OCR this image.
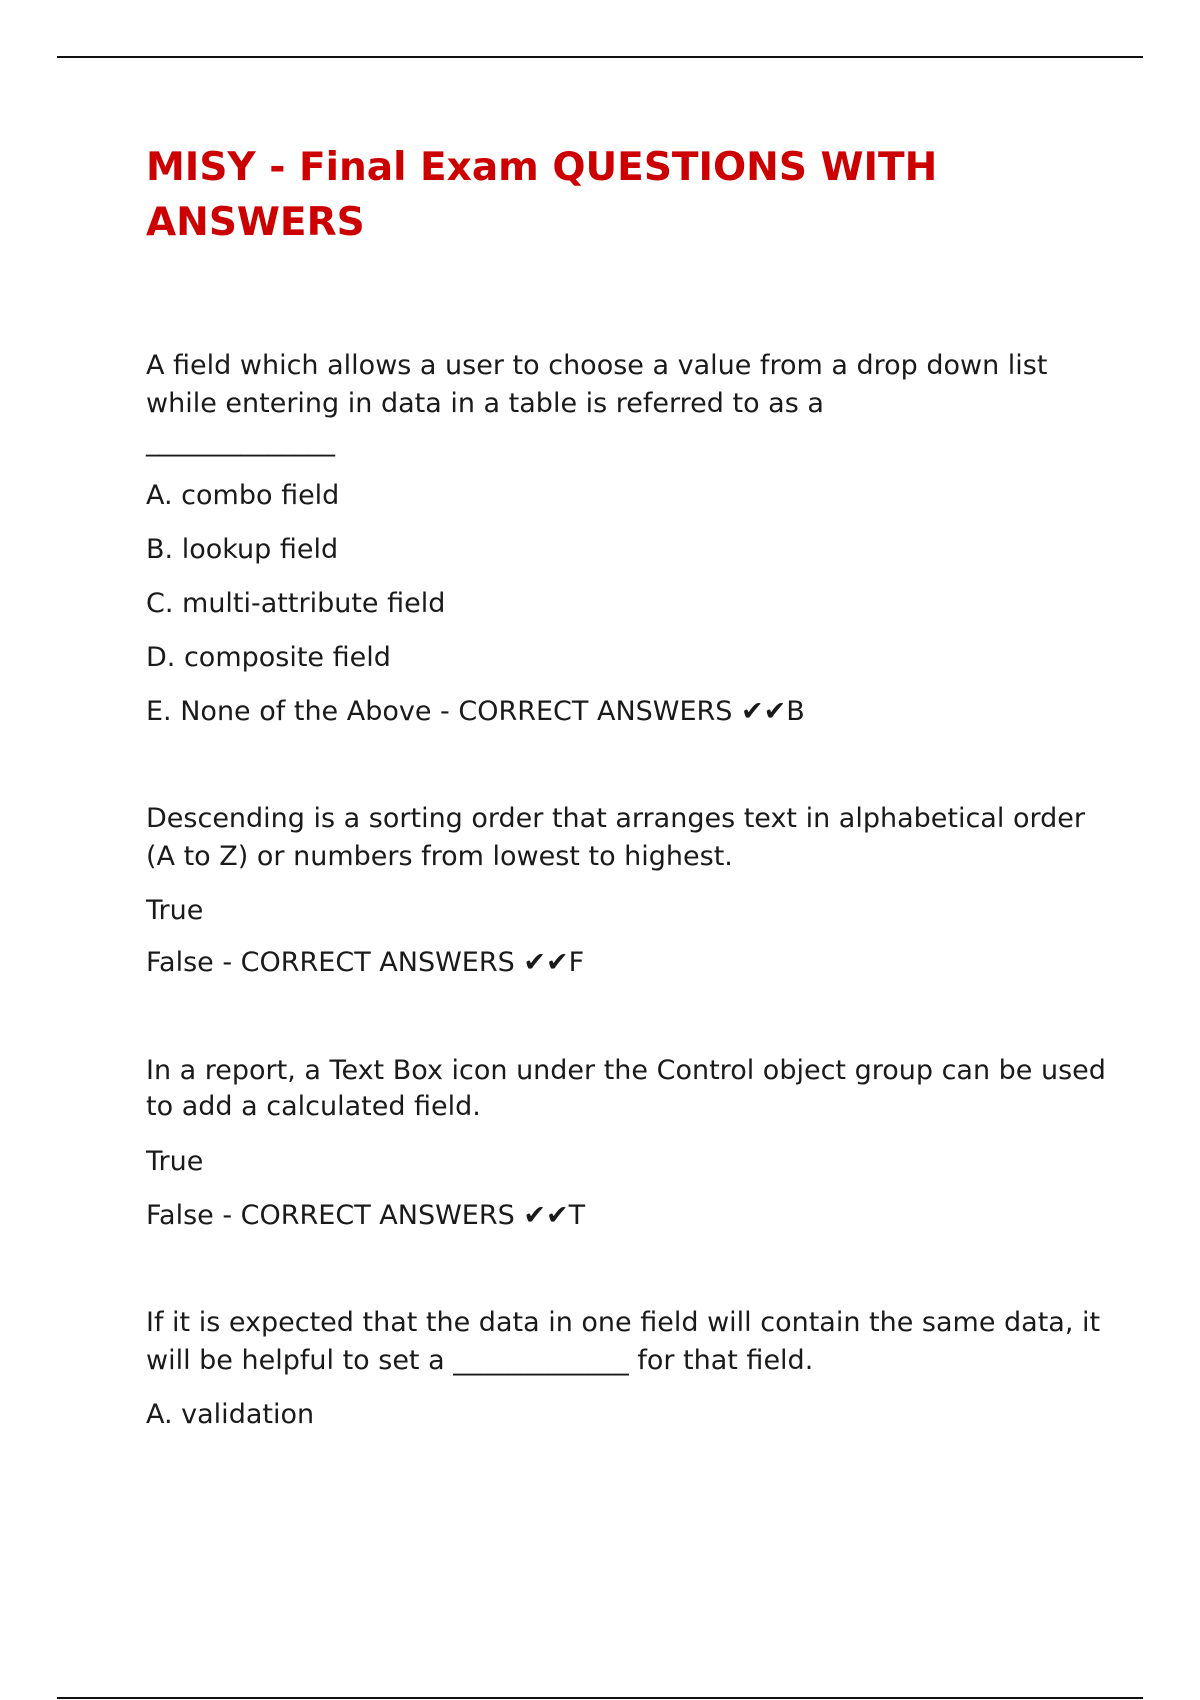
MISY - Final Exam QUESTIONS WITH ANSWERS

A field which allows a user to choose a value from a drop down list while entering in data in a table is referred to as a

______________

A. combo field

B. lookup field

C. multi-attribute field

D. composite field

E. None of the Above - CORRECT ANSWERS ✔✔B

Descending is a sorting order that arranges text in alphabetical order (A to Z) or numbers from lowest to highest.

True

False - CORRECT ANSWERS ✔✔F

In a report, a Text Box icon under the Control object group can be used to add a calculated field.

True

False - CORRECT ANSWERS ✔✔T

If it is expected that the data in one field will contain the same data, it will be helpful to set a _____________ for that field.

A. validation
